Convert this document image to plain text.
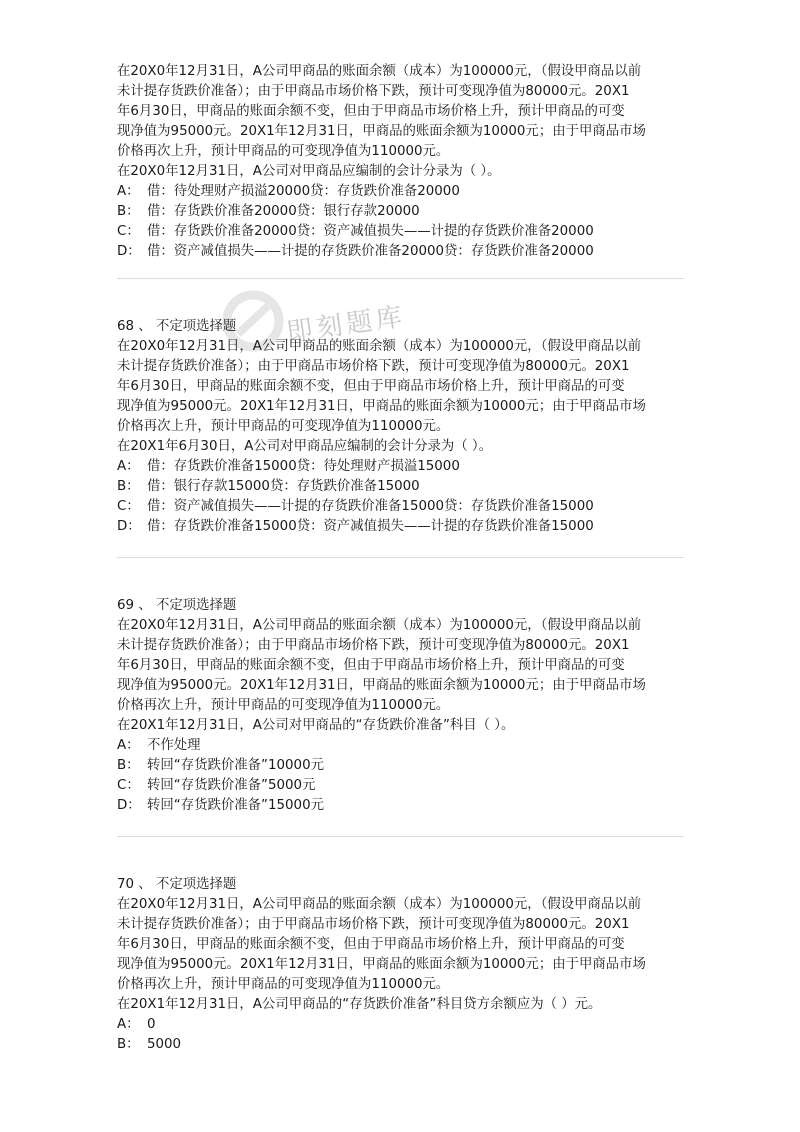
即刻题库
在20X0年12月31日，A公司甲商品的账面余额（成本）为100000元，（假设甲商品以前
未计提存货跌价准备）；由于甲商品市场价格下跌，预计可变现净值为80000元。20X1
年6月30日，甲商品的账面余额不变，但由于甲商品市场价格上升，预计甲商品的可变
现净值为95000元。20X1年12月31日，甲商品的账面余额为10000元；由于甲商品市场
价格再次上升，预计甲商品的可变现净值为110000元。
在20X0年12月31日，A公司对甲商品应编制的会计分录为（ ）。
A： 借：待处理财产损溢20000贷：存货跌价准备20000
B： 借：存货跌价准备20000贷：银行存款20000
C： 借：存货跌价准备20000贷：资产减值损失——计提的存货跌价准备20000
D： 借：资产减值损失——计提的存货跌价准备20000贷：存货跌价准备20000
68 、 不定项选择题
在20X0年12月31日，A公司甲商品的账面余额（成本）为100000元，（假设甲商品以前
未计提存货跌价准备）；由于甲商品市场价格下跌，预计可变现净值为80000元。20X1
年6月30日，甲商品的账面余额不变，但由于甲商品市场价格上升，预计甲商品的可变
现净值为95000元。20X1年12月31日，甲商品的账面余额为10000元；由于甲商品市场
价格再次上升，预计甲商品的可变现净值为110000元。
在20X1年6月30日，A公司对甲商品应编制的会计分录为（ ）。
A： 借：存货跌价准备15000贷：待处理财产损溢15000
B： 借：银行存款15000贷：存货跌价准备15000
C： 借：资产减值损失——计提的存货跌价准备15000贷：存货跌价准备15000
D： 借：存货跌价准备15000贷：资产减值损失——计提的存货跌价准备15000
69 、 不定项选择题
在20X0年12月31日，A公司甲商品的账面余额（成本）为100000元，（假设甲商品以前
未计提存货跌价准备）；由于甲商品市场价格下跌，预计可变现净值为80000元。20X1
年6月30日，甲商品的账面余额不变，但由于甲商品市场价格上升，预计甲商品的可变
现净值为95000元。20X1年12月31日，甲商品的账面余额为10000元；由于甲商品市场
价格再次上升，预计甲商品的可变现净值为110000元。
在20X1年12月31日，A公司对甲商品的“存货跌价准备”科目（ ）。
A： 不作处理
B： 转回“存货跌价准备”10000元
C： 转回“存货跌价准备”5000元
D： 转回“存货跌价准备”15000元
70 、 不定项选择题
在20X0年12月31日，A公司甲商品的账面余额（成本）为100000元，（假设甲商品以前
未计提存货跌价准备）；由于甲商品市场价格下跌，预计可变现净值为80000元。20X1
年6月30日，甲商品的账面余额不变，但由于甲商品市场价格上升，预计甲商品的可变
现净值为95000元。20X1年12月31日，甲商品的账面余额为10000元；由于甲商品市场
价格再次上升，预计甲商品的可变现净值为110000元。
在20X1年12月31日，A公司甲商品的“存货跌价准备”科目贷方余额应为（ ）元。
A： 0
B： 5000
